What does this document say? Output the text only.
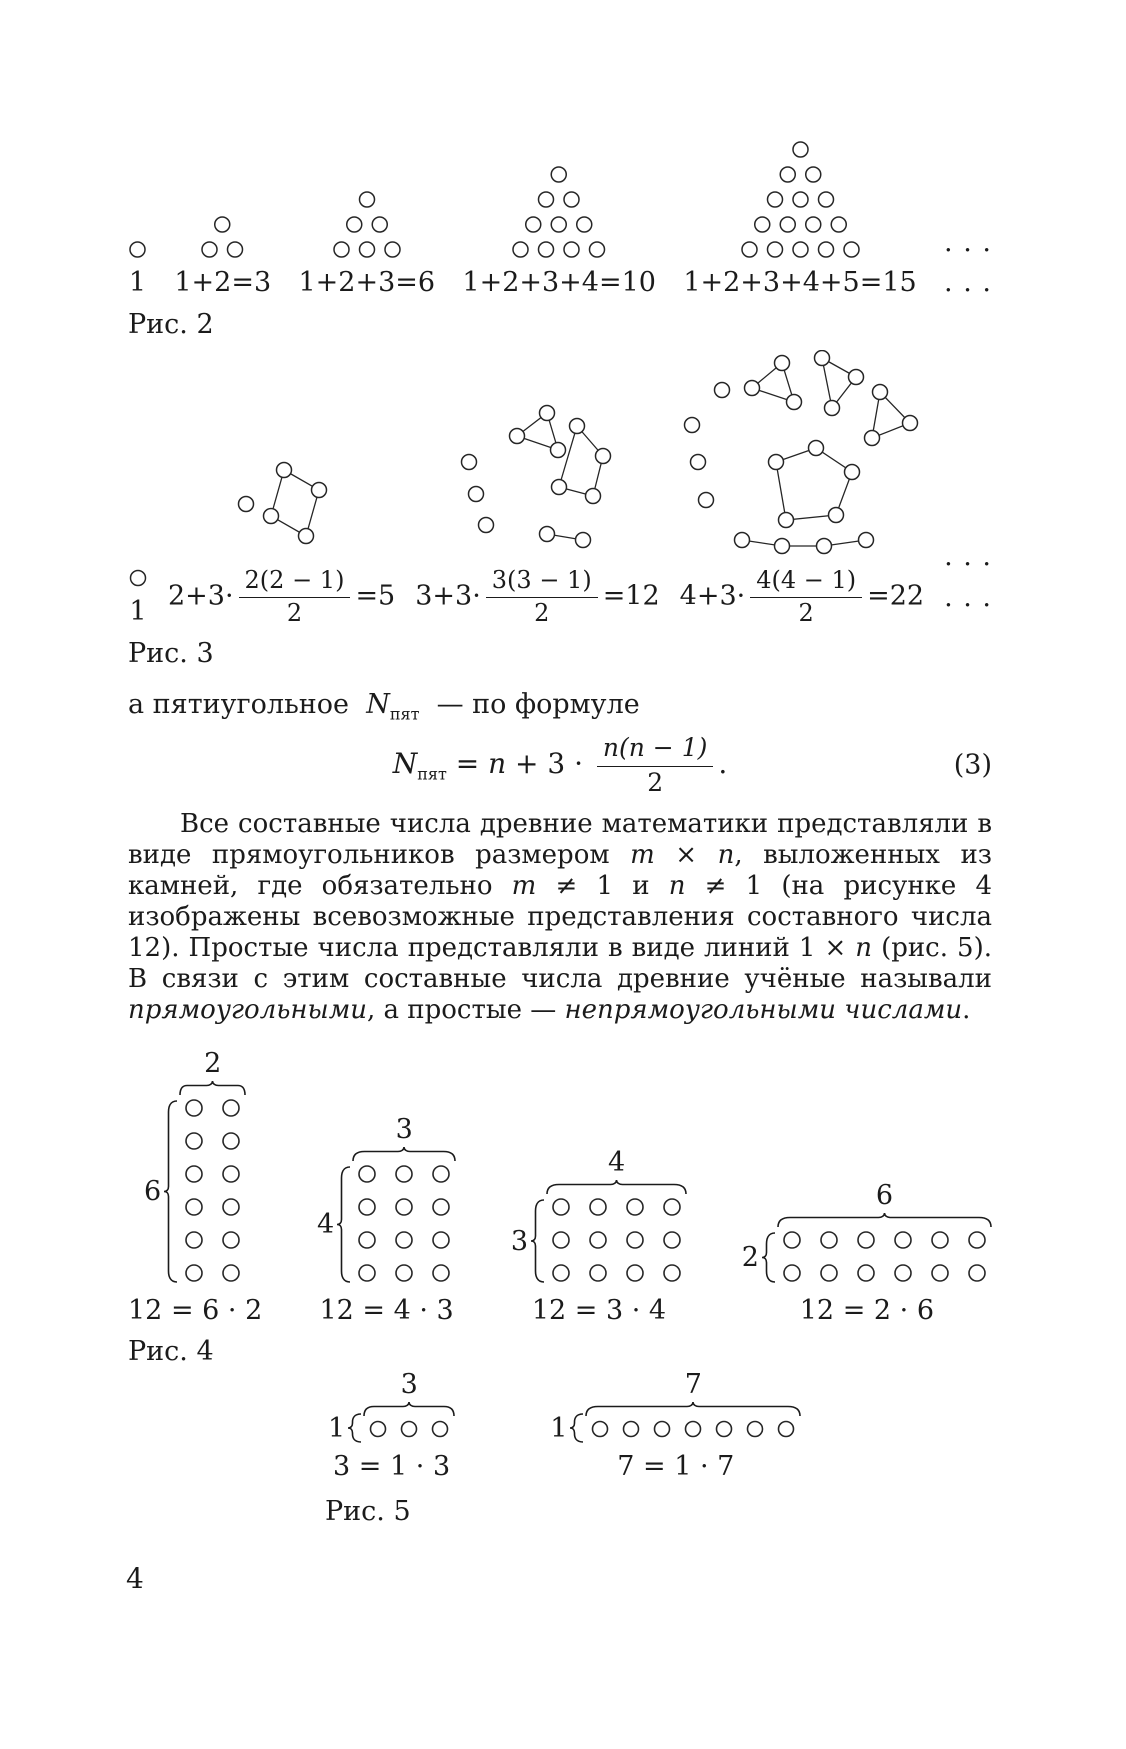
1 1+2=3 1+2+3=6 1+2+3+4=10 1+2+3+4+5=15
. . .
. . .
Рис. 2
1 $2+3\cdot \frac{2(2 - 1)}{2} =5$ $3+3\cdot \frac{3(3 - 1)}{2} =12$ $4+3\cdot \frac{4(4 - 1)}{2} =22$
. . .
. . .
Рис. 3

а пятиугольное  $N_{пят}$  — по формуле

$N_{пят} = n + 3 \cdot \frac{n(n - 1)}{2}$ .	(3)

Все составные числа древние математики представляли в виде прямоугольников размером m × n, выложенных из камней, где обязательно m ≠ 1 и n ≠ 1 (на рисунке 4 изображены всевозможные представления составного числа 12). Простые числа представляли в виде линий 1 × n (рис. 5). В связи с этим составные числа древние учёные называли прямоугольными, а простые — непрямоугольными числами.

6
2
12 = 6 · 2
4
3
12 = 4 · 3
3
4
12 = 3 · 4
2
6
12 = 2 · 6
Рис. 4
1
3
3 = 1 · 3
1
7
7 = 1 · 7
Рис. 5
4
